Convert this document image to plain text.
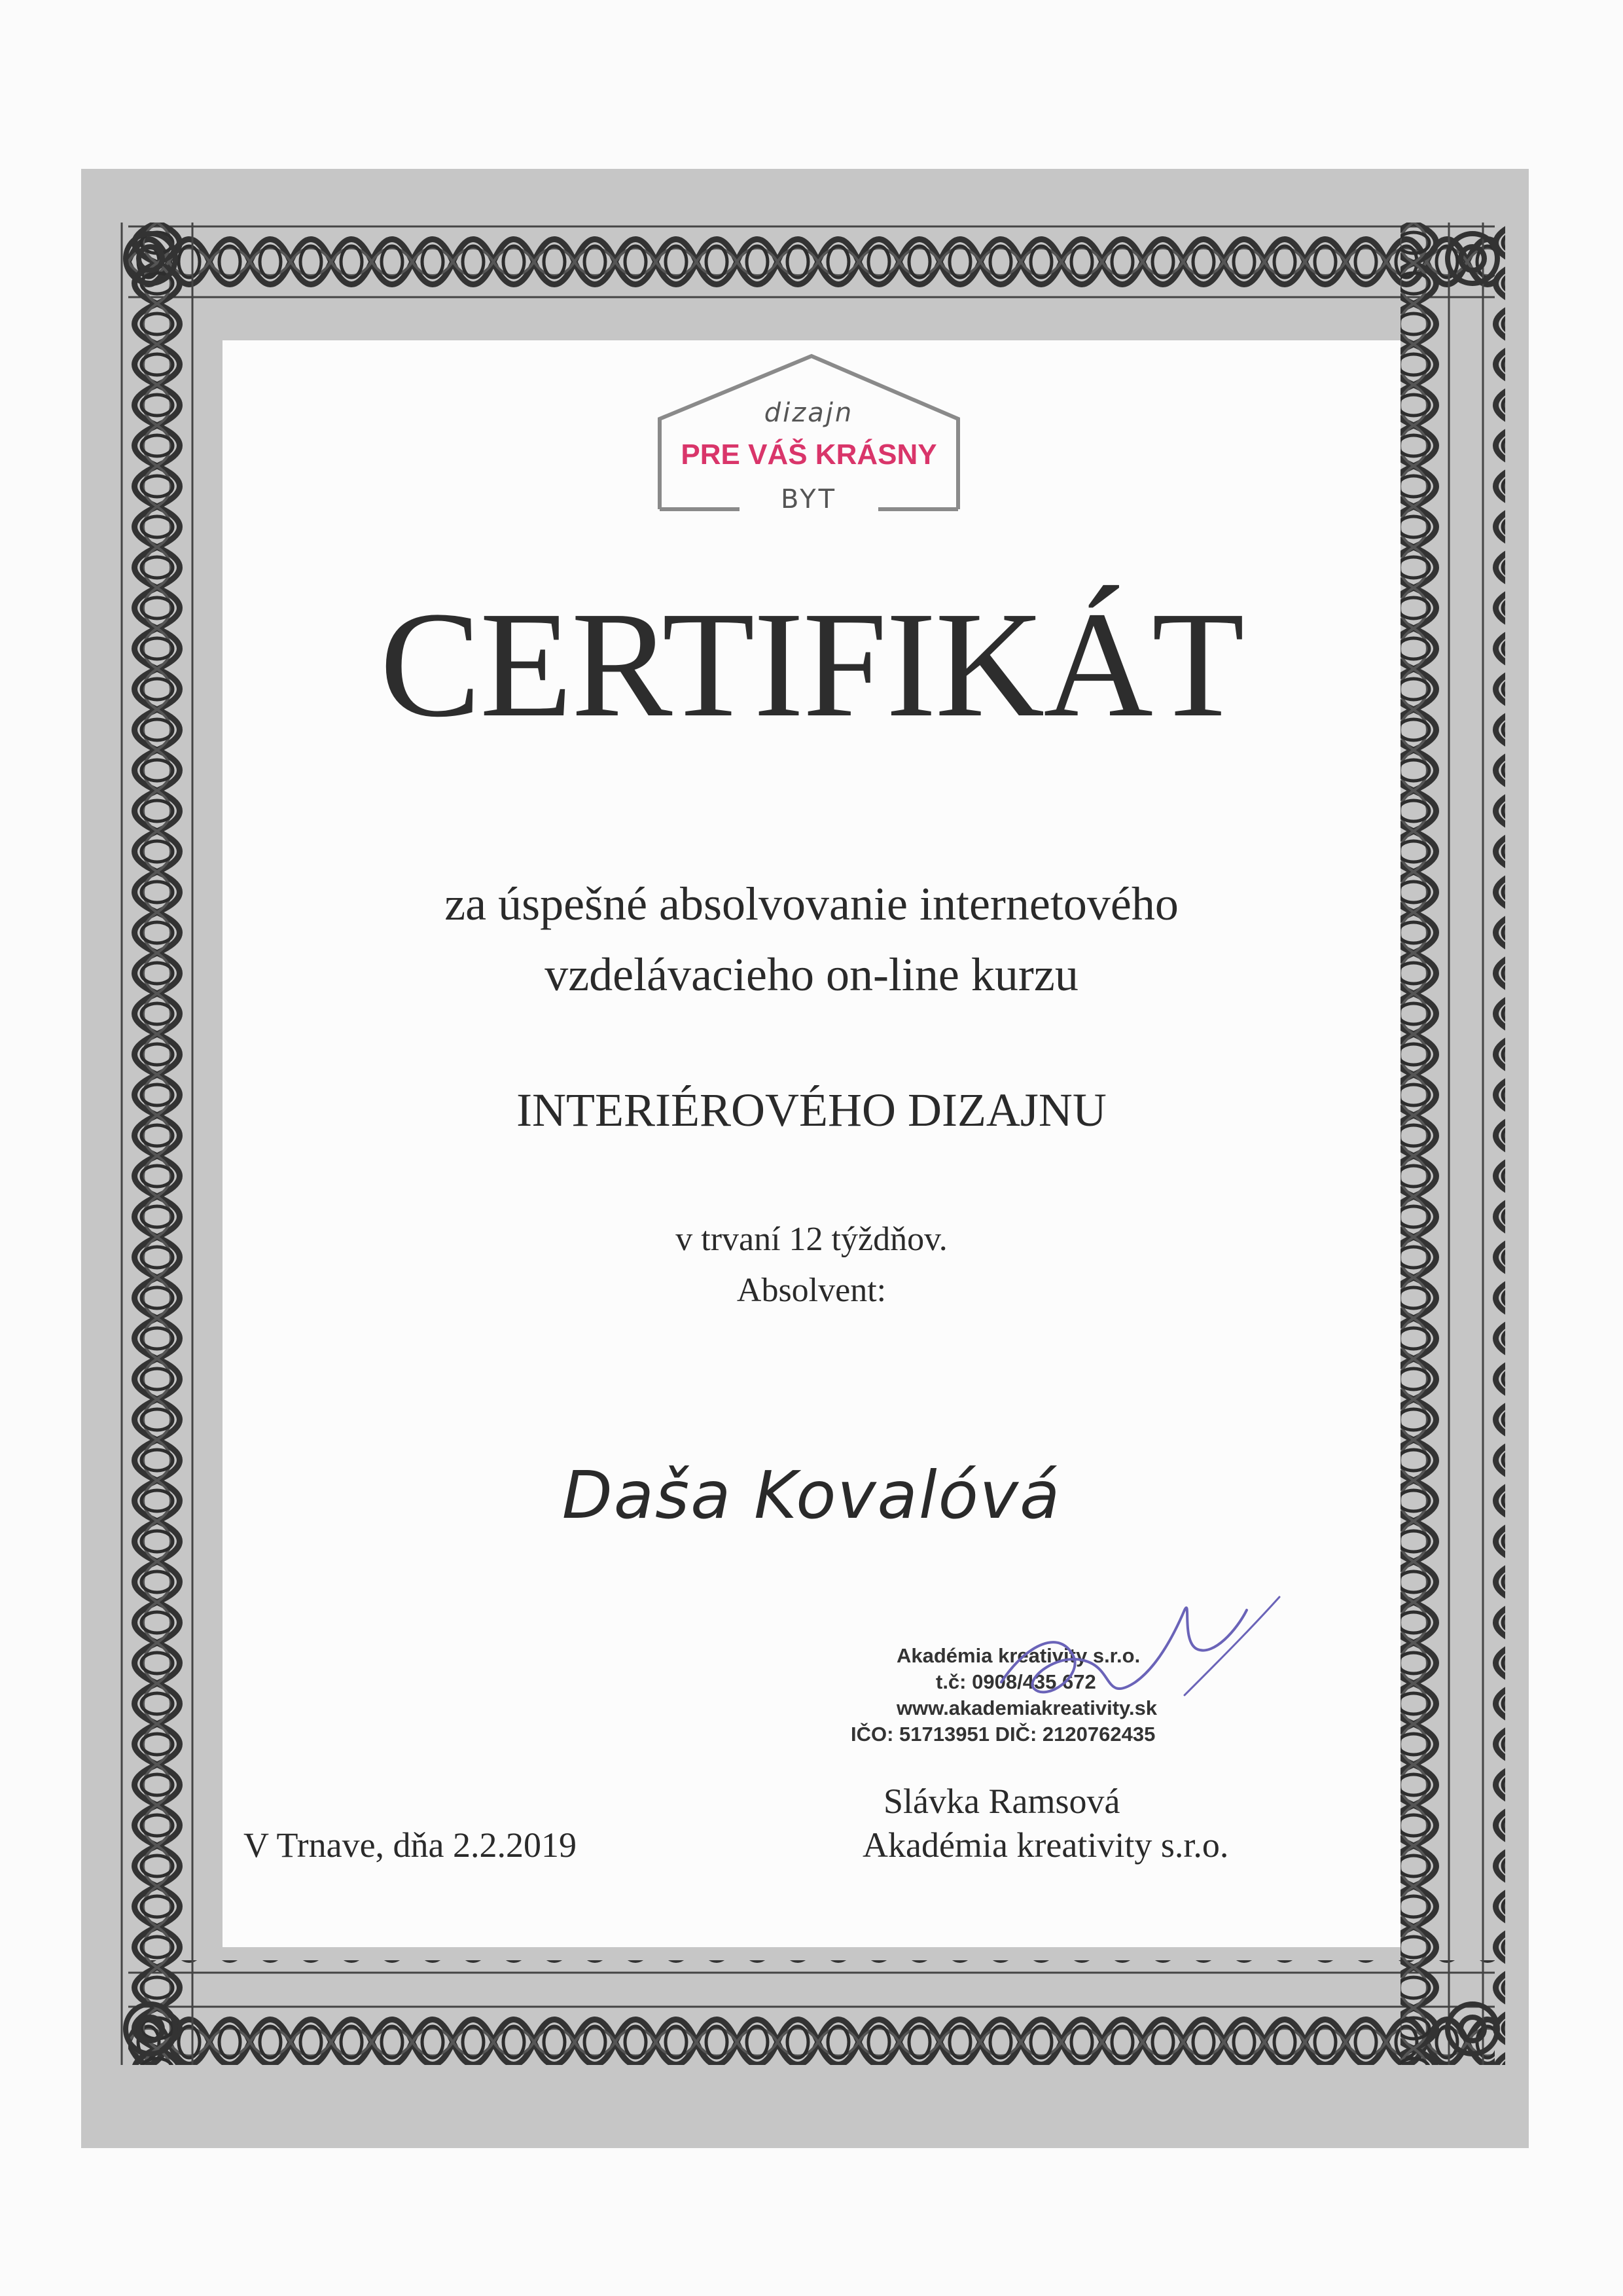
dizajn
PRE VÁŠ KRÁSNY
BYT
CERTIFIKÁT
za úspešné absolvovanie internetového
vzdelávacieho on-line kurzu
INTERIÉROVÉHO DIZAJNU
v trvaní 12 týždňov.
Absolvent:
Daša Kovalóvá
Akadémia kreativity s.r.o.
t.č: 0908/435 672
www.akademiakreativity.sk
IČO: 51713951 DIČ: 2120762435
V Trnave, dňa 2.2.2019
Slávka Ramsová
Akadémia kreativity s.r.o.
